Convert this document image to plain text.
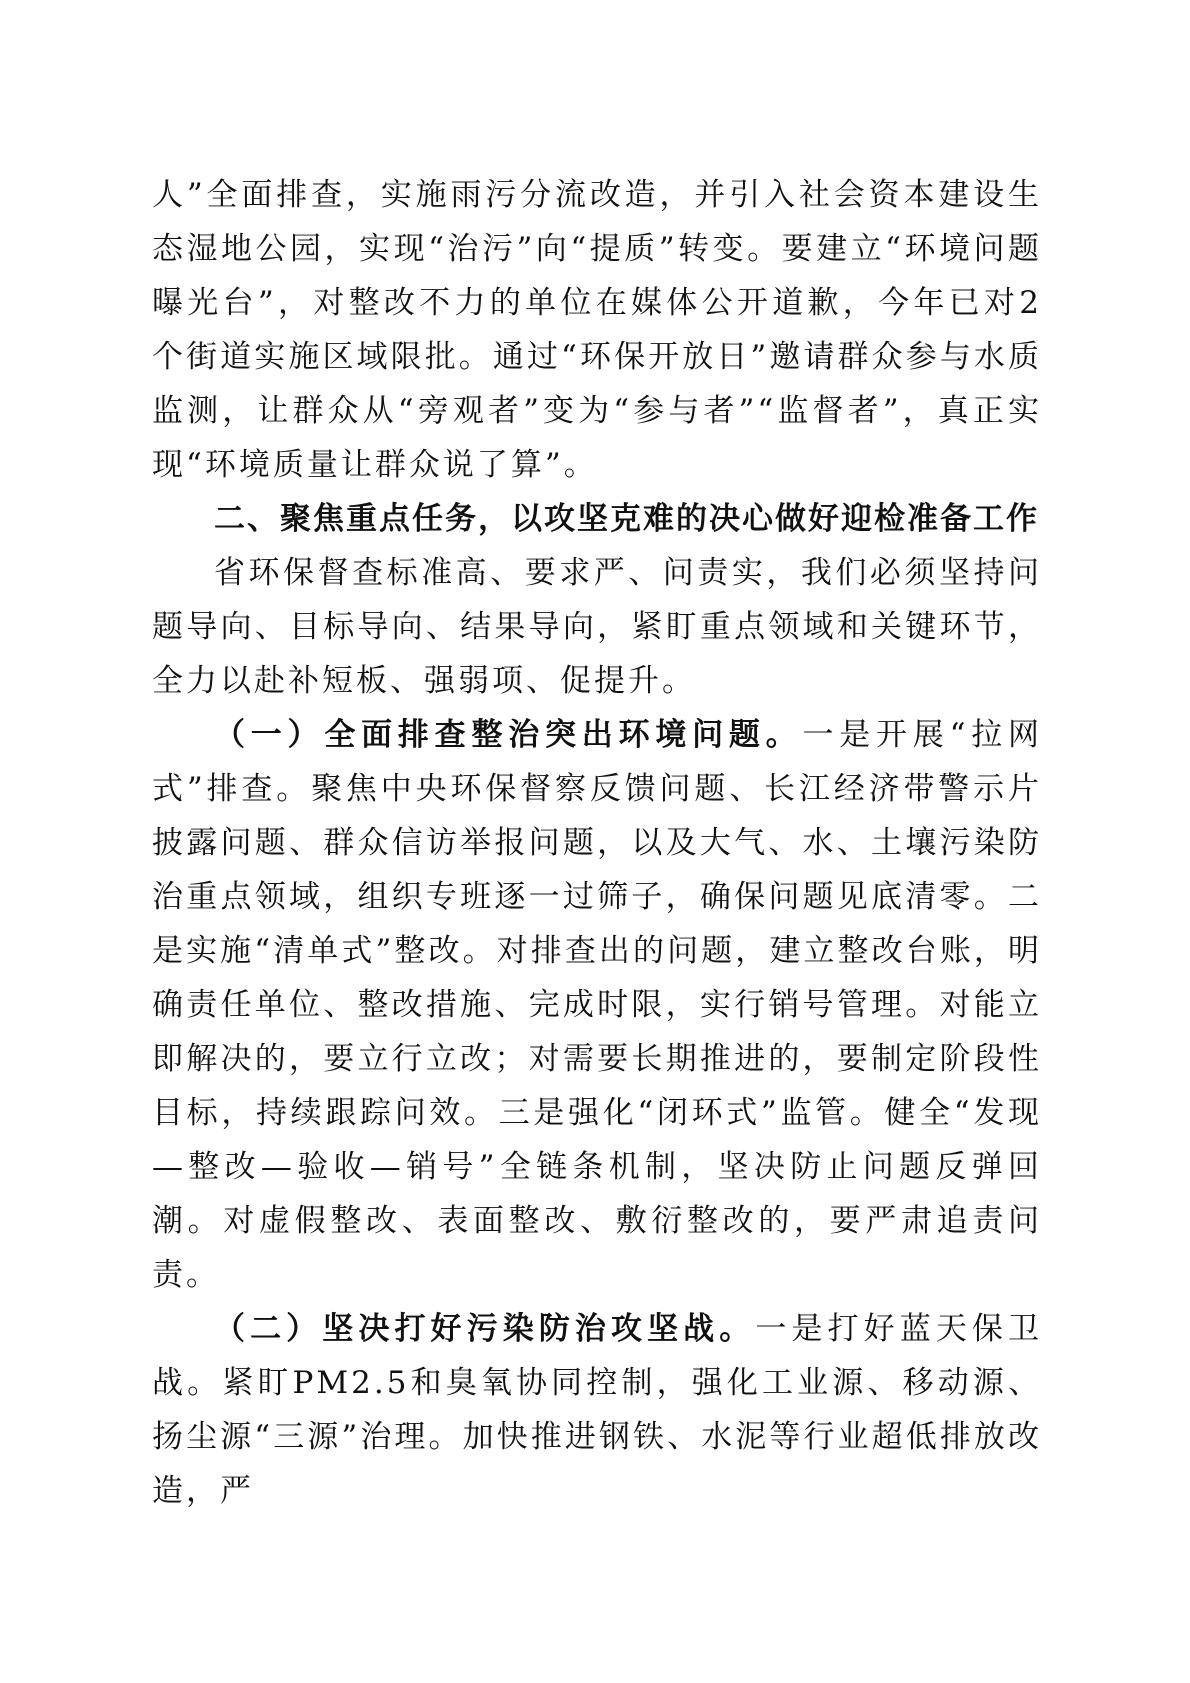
人”全面排查，实施雨污分流改造，并引入社会资本建设生态湿地公园，实现“治污”向“提质”转变。要建立“环境问题曝光台”，对整改不力的单位在媒体公开道歉，今年已对2个街道实施区域限批。通过“环保开放日”邀请群众参与水质监测，让群众从“旁观者”变为“参与者”“监督者”，真正实现“环境质量让群众说了算”。

二、聚焦重点任务，以攻坚克难的决心做好迎检准备工作

省环保督查标准高、要求严、问责实，我们必须坚持问题导向、目标导向、结果导向，紧盯重点领域和关键环节，全力以赴补短板、强弱项、促提升。

（一）全面排查整治突出环境问题。一是开展“拉网式”排查。聚焦中央环保督察反馈问题、长江经济带警示片披露问题、群众信访举报问题，以及大气、水、土壤污染防治重点领域，组织专班逐一过筛子，确保问题见底清零。二是实施“清单式”整改。对排查出的问题，建立整改台账，明确责任单位、整改措施、完成时限，实行销号管理。对能立即解决的，要立行立改；对需要长期推进的，要制定阶段性目标，持续跟踪问效。三是强化“闭环式”监管。健全“发现—整改—验收—销号”全链条机制，坚决防止问题反弹回潮。对虚假整改、表面整改、敷衍整改的，要严肃追责问责。

（二）坚决打好污染防治攻坚战。一是打好蓝天保卫战。紧盯PM2.5和臭氧协同控制，强化工业源、移动源、扬尘源“三源”治理。加快推进钢铁、水泥等行业超低排放改造，严
